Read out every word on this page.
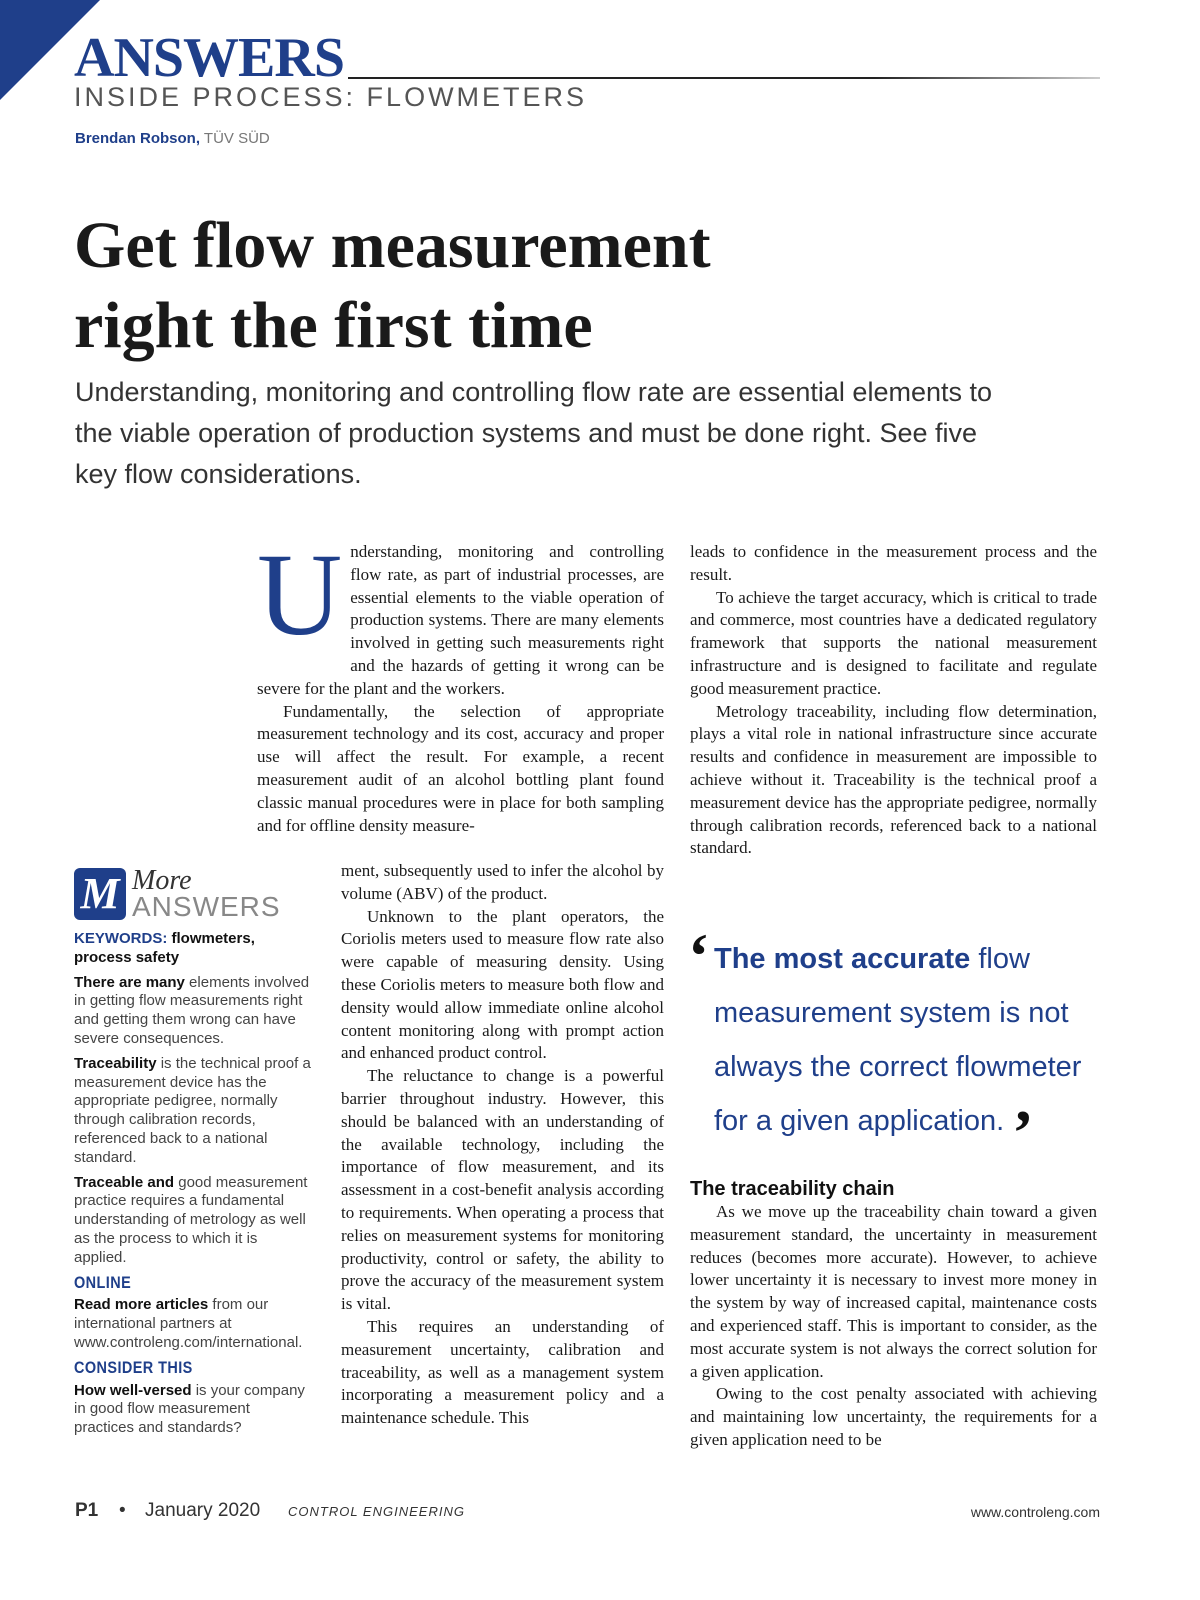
ANSWERS
INSIDE PROCESS: FLOWMETERS
Brendan Robson, TÜV SÜD
Get flow measurement
right the first time

Understanding, monitoring and controlling flow rate are essential elements to the viable operation of production systems and must be done right. See five key flow considerations.

U nderstanding, monitoring and controlling flow rate, as part of industrial processes, are essential elements to the viable operation of production systems. There are many elements involved in getting such measurements right and the hazards of getting it wrong can be severe for the plant and the workers.

Fundamentally, the selection of appropriate measurement technology and its cost, accuracy and proper use will affect the result. For example, a recent measurement audit of an alcohol bottling plant found classic manual procedures were in place for both sampling and for offline density measure-

ment, subsequently used to infer the alcohol by volume (ABV) of the product.

Unknown to the plant operators, the Coriolis meters used to measure flow rate also were capable of measuring density. Using these Coriolis meters to measure both flow and density would allow immediate online alcohol content monitoring along with prompt action and enhanced product control.

The reluctance to change is a powerful barrier throughout industry. However, this should be balanced with an understanding of the available technology, including the importance of flow measurement, and its assessment in a cost-benefit analysis according to requirements. When operating a process that relies on measurement systems for monitoring productivity, control or safety, the ability to prove the accuracy of the measurement system is vital.

This requires an understanding of measurement uncertainty, calibration and traceability, as well as a management system incorporating a measurement policy and a maintenance schedule. This

leads to confidence in the measurement process and the result.

To achieve the target accuracy, which is critical to trade and commerce, most countries have a dedicated regulatory framework that supports the national measurement infrastructure and is designed to facilitate and regulate good measurement practice.

Metrology traceability, including flow determination, plays a vital role in national infrastructure since accurate results and confidence in measurement are impossible to achieve without it. Traceability is the technical proof a measurement device has the appropriate pedigree, normally through calibration records, referenced back to a national standard.

‘ The most accurate flow measurement system is not always the correct flowmeter for a given application. ’
The traceability chain

As we move up the traceability chain toward a given measurement standard, the uncertainty in measurement reduces (becomes more accurate). However, to achieve lower uncertainty it is necessary to invest more money in the system by way of increased capital, maintenance costs and experienced staff. This is important to consider, as the most accurate system is not always the correct solution for a given application.

Owing to the cost penalty associated with achieving and maintaining low uncertainty, the requirements for a given application need to be

M More
ANSWERS

KEYWORDS: flowmeters, process safety

There are many elements involved in getting flow measurements right and getting them wrong can have severe consequences.

Traceability is the technical proof a measurement device has the appropriate pedigree, normally through calibration records, referenced back to a national standard.

Traceable and good measurement practice requires a fundamental understanding of metrology as well as the process to which it is applied.

ONLINE

Read more articles from our international partners at www.controleng.com/international.

CONSIDER THIS

How well-versed is your company in good flow measurement practices and standards?

P1 • January 2020 CONTROL ENGINEERING	www.controleng.com
